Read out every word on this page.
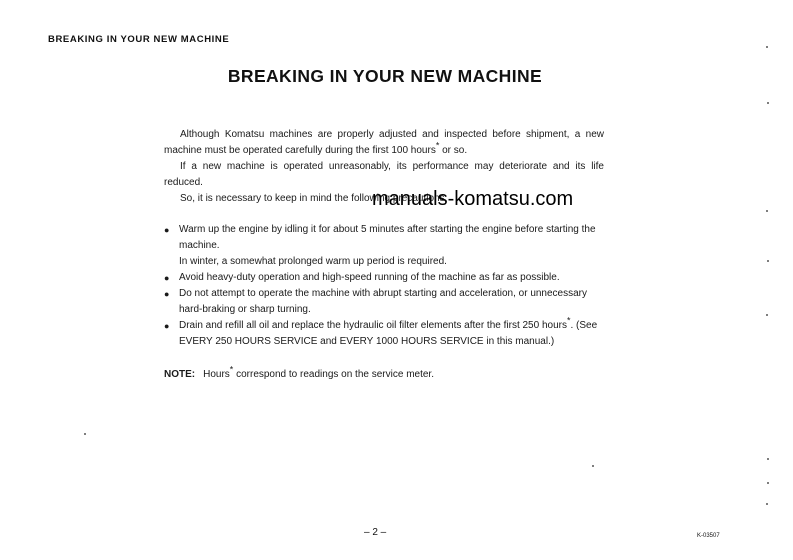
BREAKING IN YOUR NEW MACHINE
BREAKING IN YOUR NEW MACHINE

Although Komatsu machines are properly adjusted and inspected before shipment, a new machine must be operated carefully during the first 100 hours* or so.

If a new machine is operated unreasonably, its performance may deteriorate and its life reduced.

So, it is necessary to keep in mind the following precautions:

● Warm up the engine by idling it for about 5 minutes after starting the engine before starting the machine.
In winter, a somewhat prolonged warm up period is required.
● Avoid heavy-duty operation and high-speed running of the machine as far as possible.
● Do not attempt to operate the machine with abrupt starting and acceleration, or unnecessary hard-braking or sharp turning.
● Drain and refill all oil and replace the hydraulic oil filter elements after the first 250 hours*. (See EVERY 250 HOURS SERVICE and EVERY 1000 HOURS SERVICE in this manual.)

NOTE: Hours* correspond to readings on the service meter.

manuals-komatsu.com
– 2 –	K-03507
